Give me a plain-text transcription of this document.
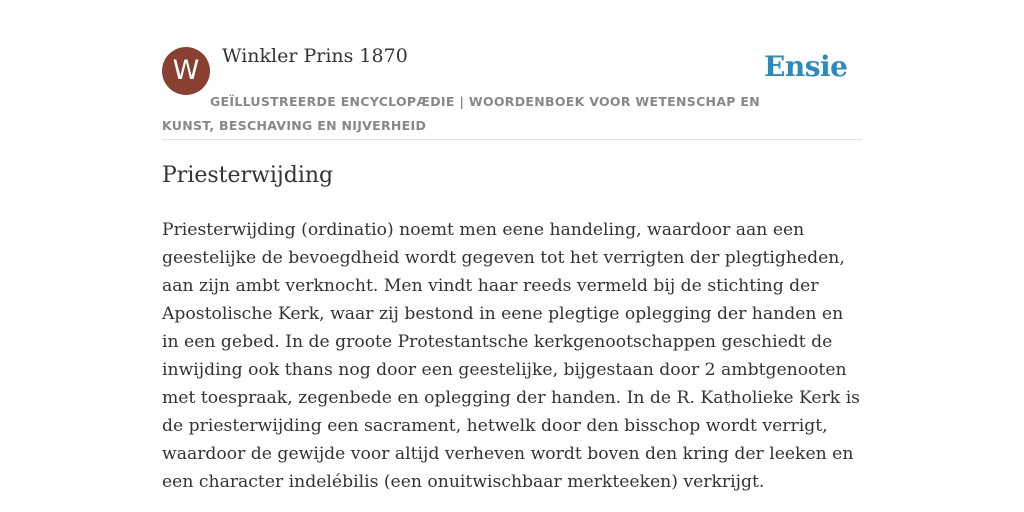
W	Winkler Prins 1870	Ensie
GEÏLLUSTREERDE ENCYCLOPÆDIE | WOORDENBOEK VOOR WETENSCHAP EN KUNST, BESCHAVING EN NIJVERHEID
Priesterwijding

Priesterwijding (ordinatio) noemt men eene handeling, waardoor aan een geestelijke de bevoegdheid wordt gegeven tot het verrigten der plegtigheden, aan zijn ambt verknocht. Men vindt haar reeds vermeld bij de stichting der Apostolische Kerk, waar zij bestond in eene plegtige oplegging der handen en in een gebed. In de groote Protestantsche kerkgenootschappen geschiedt de inwijding ook thans nog door een geestelijke, bijgestaan door 2 ambtgenooten met toespraak, zegenbede en oplegging der handen. In de R. Katholieke Kerk is de priesterwijding een sacrament, hetwelk door den bisschop wordt verrigt, waardoor de gewijde voor altijd verheven wordt boven den kring der leeken en een character indelébilis (een onuitwischbaar merkteeken) verkrijgt.
